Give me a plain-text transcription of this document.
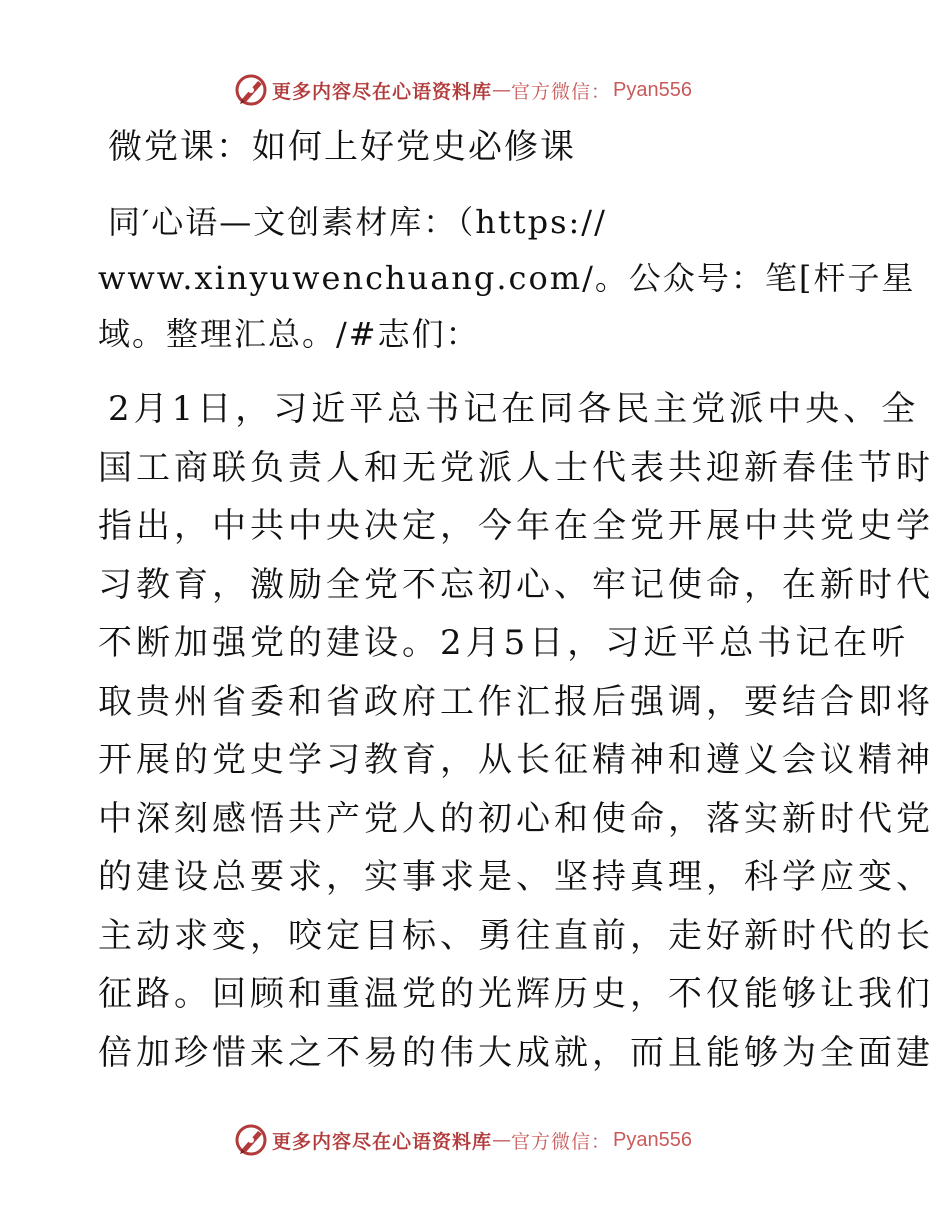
更多内容尽在心语资料库 — 官方微信： Pyan556
微党课：如何上好党史必修课
同′心语—文创素材库：（https://
www.xinyuwenchuang.com/。公众号：笔[杆子星
域。整理汇总。/#志们：
2月1日，习近平总书记在同各民主党派中央、全
国工商联负责人和无党派人士代表共迎新春佳节时
指出，中共中央决定，今年在全党开展中共党史学
习教育，激励全党不忘初心、牢记使命，在新时代
不断加强党的建设。2月5日，习近平总书记在听
取贵州省委和省政府工作汇报后强调，要结合即将
开展的党史学习教育，从长征精神和遵义会议精神
中深刻感悟共产党人的初心和使命，落实新时代党
的建设总要求，实事求是、坚持真理，科学应变、
主动求变，咬定目标、勇往直前，走好新时代的长
征路。回顾和重温党的光辉历史，不仅能够让我们
倍加珍惜来之不易的伟大成就，而且能够为全面建
更多内容尽在心语资料库 — 官方微信： Pyan556
